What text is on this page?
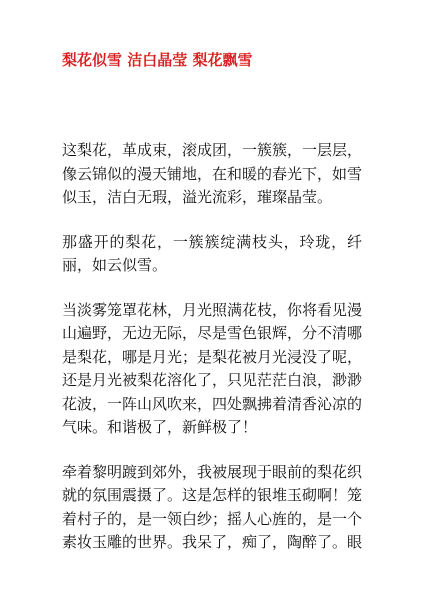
梨花似雪 洁白晶莹 梨花飘雪

这梨花，革成束，滚成团，一簇簇，一层层，像云锦似的漫天铺地，在和暖的春光下，如雪似玉，洁白无瑕，溢光流彩，璀璨晶莹。

那盛开的梨花，一簇簇绽满枝头，玲珑，纤丽，如云似雪。

当淡雾笼罩花林，月光照满花枝，你将看见漫山遍野，无边无际，尽是雪色银辉，分不清哪是梨花，哪是月光；是梨花被月光浸没了呢，还是月光被梨花溶化了，只见茫茫白浪，渺渺花波，一阵山风吹来，四处飘拂着清香沁凉的气味。和谐极了，新鲜极了！

牵着黎明踱到郊外，我被展现于眼前的梨花织就的氛围震摄了。这是怎样的银堆玉砌啊！笼着村子的，是一领白纱；摇人心旌的，是一个素妆玉雕的世界。我呆了，痴了，陶醉了。眼
